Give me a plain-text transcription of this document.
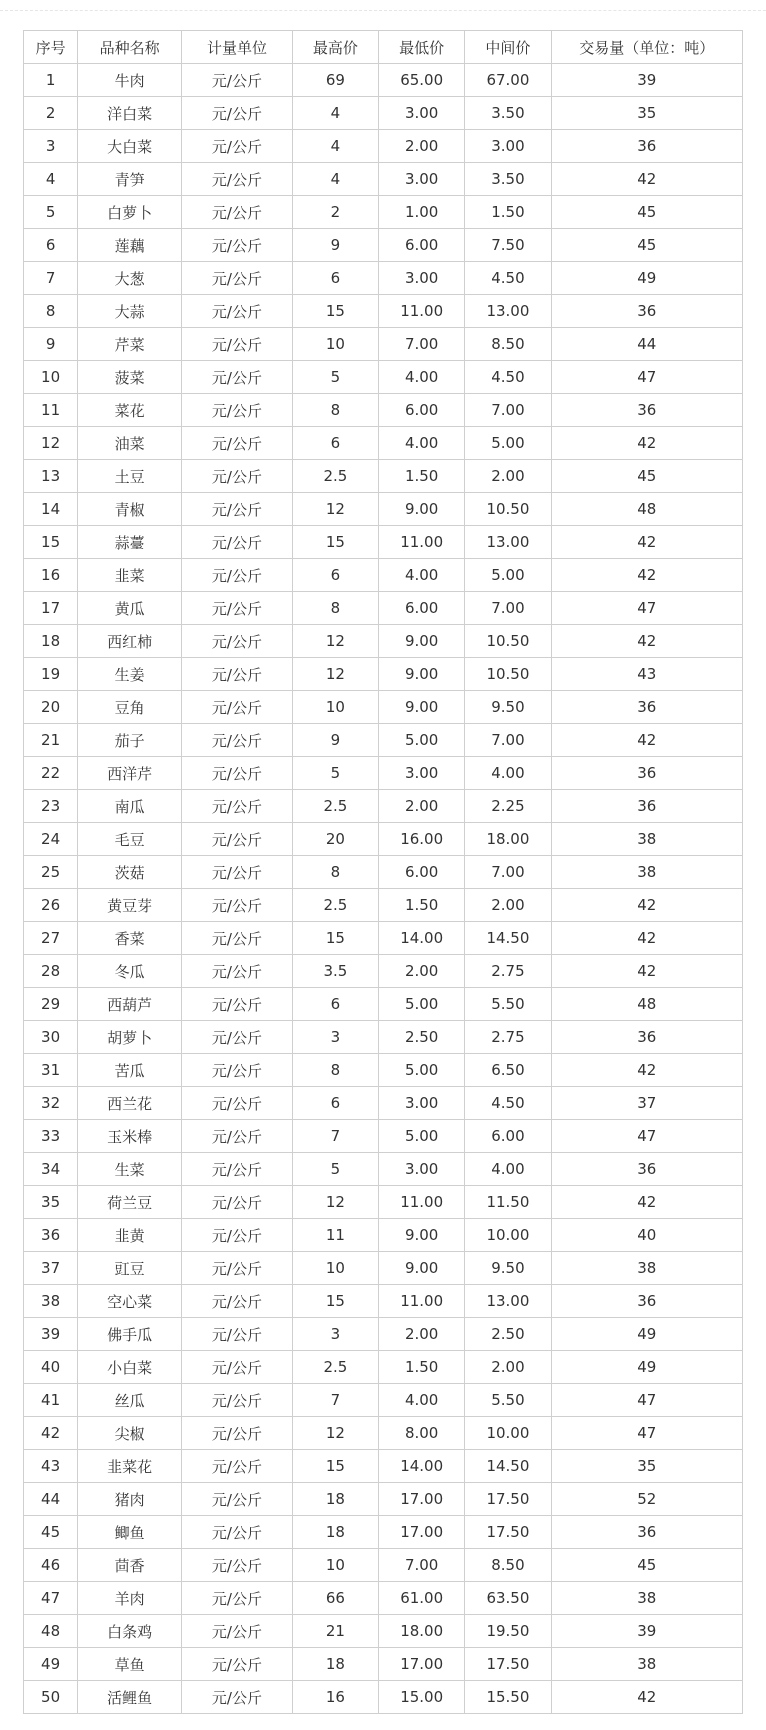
序号	品种名称	计量单位	最高价	最低价	中间价	交易量（单位：吨）
1	牛肉	元/公斤	69	65.00	67.00	39
2	洋白菜	元/公斤	4	3.00	3.50	35
3	大白菜	元/公斤	4	2.00	3.00	36
4	青笋	元/公斤	4	3.00	3.50	42
5	白萝卜	元/公斤	2	1.00	1.50	45
6	莲藕	元/公斤	9	6.00	7.50	45
7	大葱	元/公斤	6	3.00	4.50	49
8	大蒜	元/公斤	15	11.00	13.00	36
9	芹菜	元/公斤	10	7.00	8.50	44
10	菠菜	元/公斤	5	4.00	4.50	47
11	菜花	元/公斤	8	6.00	7.00	36
12	油菜	元/公斤	6	4.00	5.00	42
13	土豆	元/公斤	2.5	1.50	2.00	45
14	青椒	元/公斤	12	9.00	10.50	48
15	蒜薹	元/公斤	15	11.00	13.00	42
16	韭菜	元/公斤	6	4.00	5.00	42
17	黄瓜	元/公斤	8	6.00	7.00	47
18	西红柿	元/公斤	12	9.00	10.50	42
19	生姜	元/公斤	12	9.00	10.50	43
20	豆角	元/公斤	10	9.00	9.50	36
21	茄子	元/公斤	9	5.00	7.00	42
22	西洋芹	元/公斤	5	3.00	4.00	36
23	南瓜	元/公斤	2.5	2.00	2.25	36
24	毛豆	元/公斤	20	16.00	18.00	38
25	茨菇	元/公斤	8	6.00	7.00	38
26	黄豆芽	元/公斤	2.5	1.50	2.00	42
27	香菜	元/公斤	15	14.00	14.50	42
28	冬瓜	元/公斤	3.5	2.00	2.75	42
29	西葫芦	元/公斤	6	5.00	5.50	48
30	胡萝卜	元/公斤	3	2.50	2.75	36
31	苦瓜	元/公斤	8	5.00	6.50	42
32	西兰花	元/公斤	6	3.00	4.50	37
33	玉米棒	元/公斤	7	5.00	6.00	47
34	生菜	元/公斤	5	3.00	4.00	36
35	荷兰豆	元/公斤	12	11.00	11.50	42
36	韭黄	元/公斤	11	9.00	10.00	40
37	豇豆	元/公斤	10	9.00	9.50	38
38	空心菜	元/公斤	15	11.00	13.00	36
39	佛手瓜	元/公斤	3	2.00	2.50	49
40	小白菜	元/公斤	2.5	1.50	2.00	49
41	丝瓜	元/公斤	7	4.00	5.50	47
42	尖椒	元/公斤	12	8.00	10.00	47
43	韭菜花	元/公斤	15	14.00	14.50	35
44	猪肉	元/公斤	18	17.00	17.50	52
45	鲫鱼	元/公斤	18	17.00	17.50	36
46	茴香	元/公斤	10	7.00	8.50	45
47	羊肉	元/公斤	66	61.00	63.50	38
48	白条鸡	元/公斤	21	18.00	19.50	39
49	草鱼	元/公斤	18	17.00	17.50	38
50	活鲤鱼	元/公斤	16	15.00	15.50	42
